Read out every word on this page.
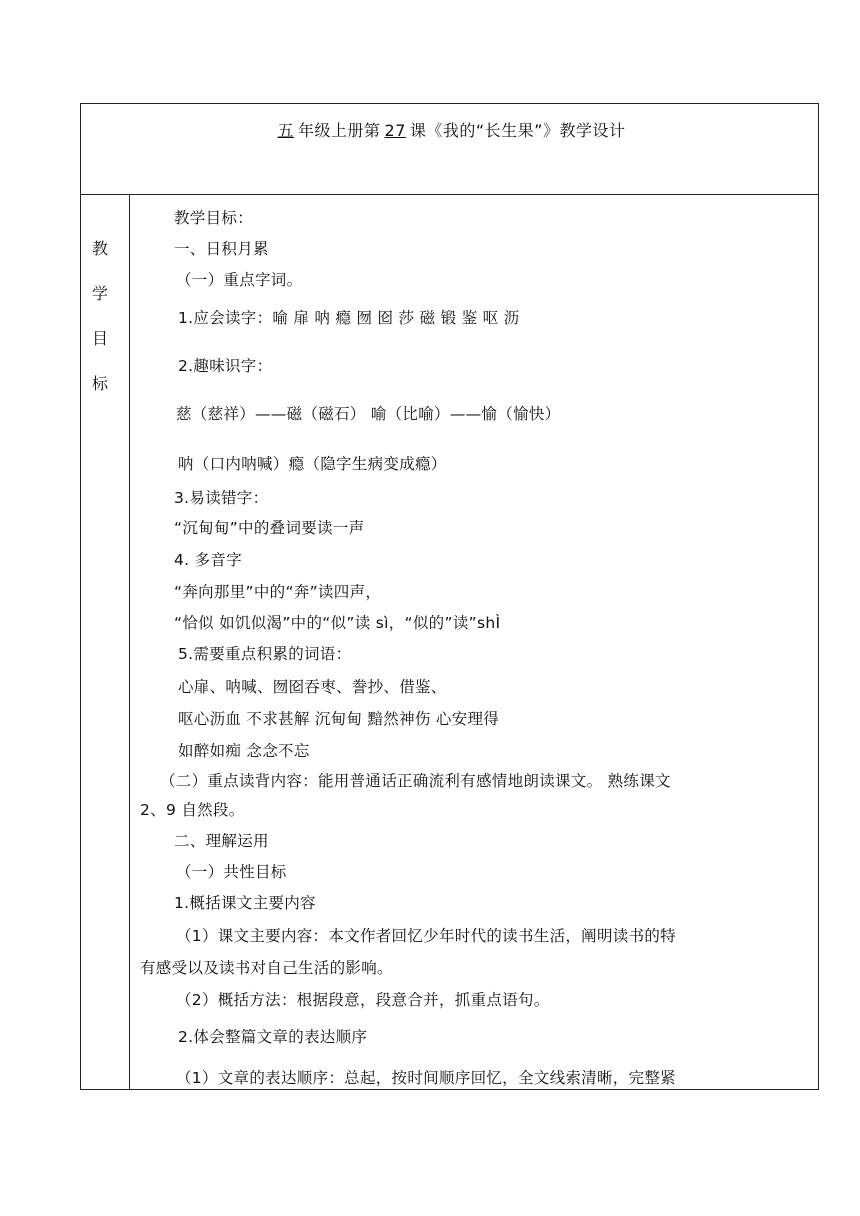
五 年级上册第 27 课《我的“长生果”》教学设计
教
学
目
标
教学目标：
一、日积月累
（一）重点字词。
1.应会读字：喻 扉 呐 瘾 囫 囵 莎 磁 锻 鉴 呕 沥
2.趣味识字：
慈（慈祥）——磁（磁石） 喻（比喻）——愉（愉快）
呐（口内呐喊）瘾（隐字生病变成瘾）
3.易读错字：
“沉甸甸”中的叠词要读一声
4. 多音字
“奔向那里”中的“奔”读四声，
“恰似 如饥似渴”中的“似”读 sì，“似的”读”shÌ
5.需要重点积累的词语：
心扉、呐喊、囫囵吞枣、誊抄、借鉴、
呕心沥血 不求甚解 沉甸甸 黯然神伤 心安理得
如醉如痴 念念不忘
（二）重点读背内容：能用普通话正确流利有感情地朗读课文。 熟练课文
2、9 自然段。
二、理解运用
（一）共性目标
1.概括课文主要内容
（1）课文主要内容：本文作者回忆少年时代的读书生活，阐明读书的特
有感受以及读书对自己生活的影响。
（2）概括方法：根据段意，段意合并，抓重点语句。
2.体会整篇文章的表达顺序
（1）文章的表达顺序：总起，按时间顺序回忆，全文线索清晰，完整紧
